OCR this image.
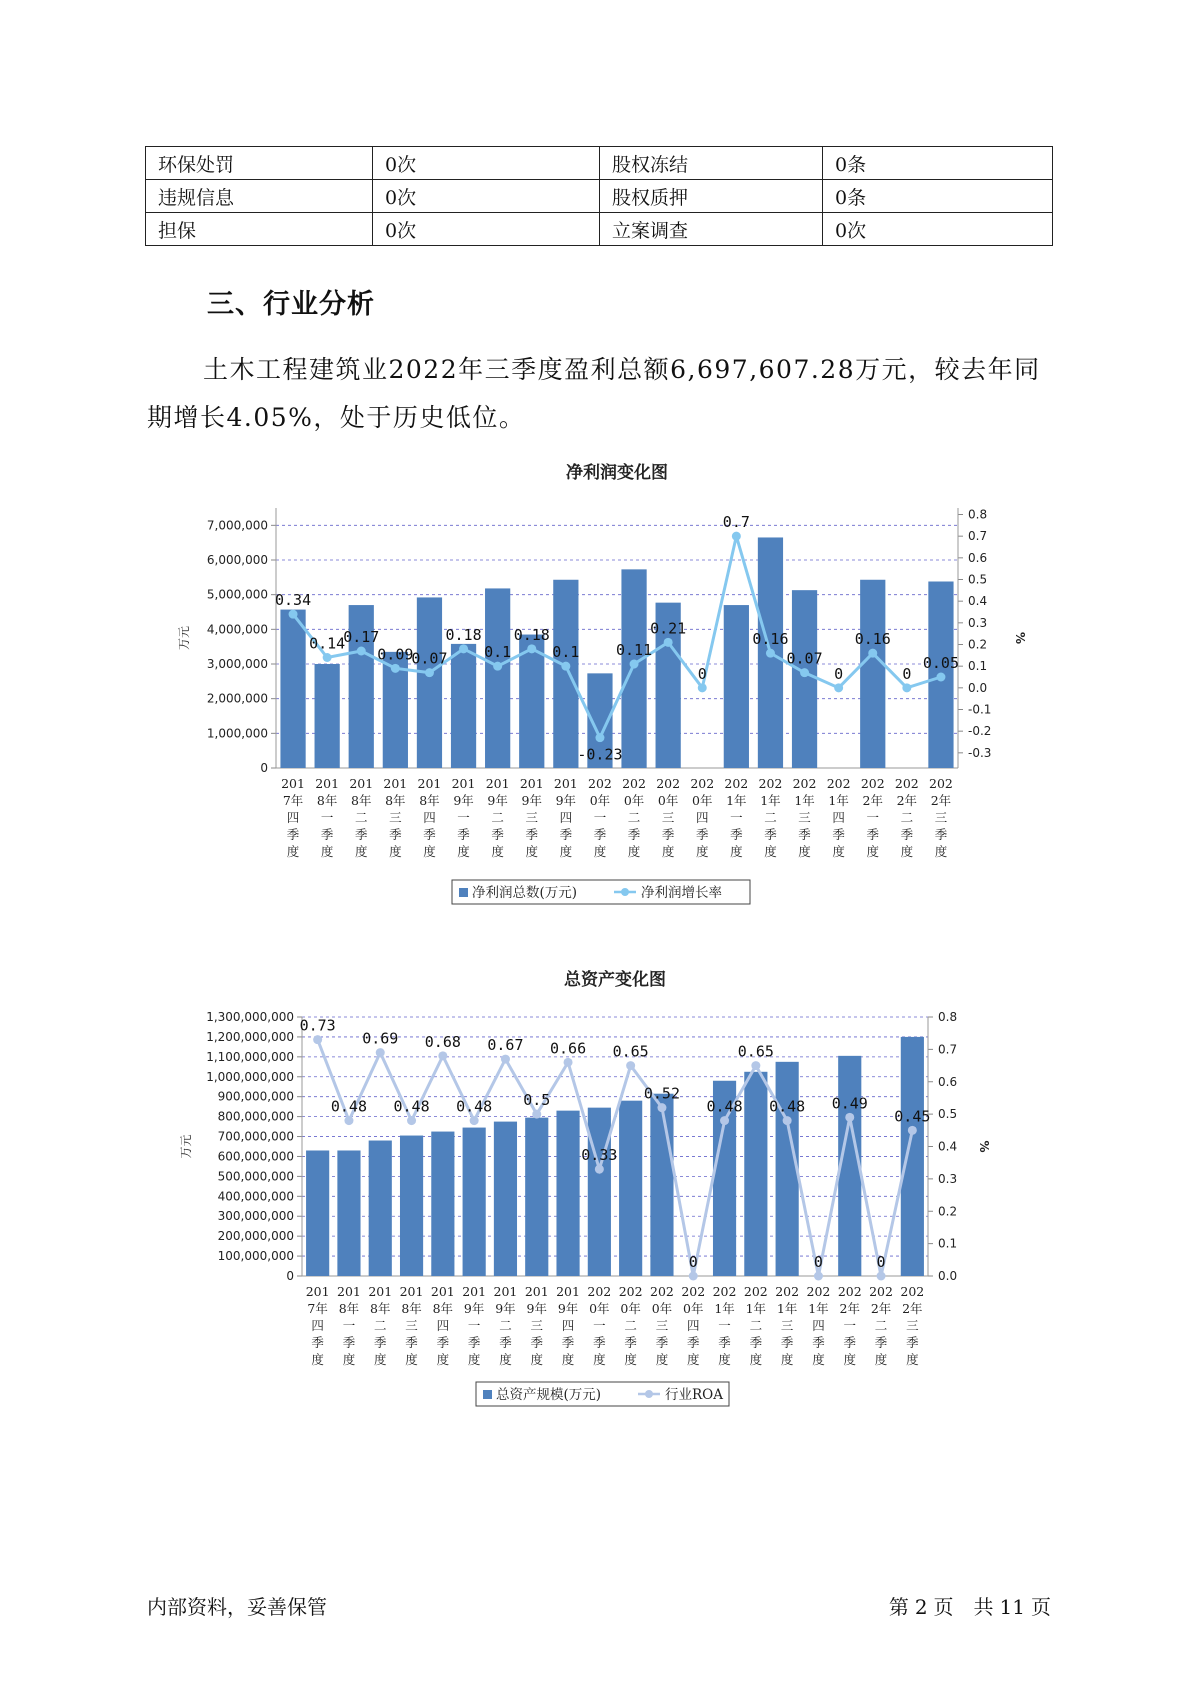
环保处罚	0次	股权冻结	0条
违规信息	0次	股权质押	0条
担保	0次	立案调查	0次
三、行业分析
土木工程建筑业2022年三季度盈利总额6,697,607.28万元，较去年同期增长4.05%，处于历史低位。
净利润变化图
0
1,000,000
2,000,000
3,000,000
4,000,000
5,000,000
6,000,000
7,000,000
-0.3
-0.2
-0.1
0.0
0.1
0.2
0.3
0.4
0.5
0.6
0.7
0.8
万元	%
0.34
0.14
0.17
0.09
0.07
0.18
0.1
0.18
0.1
-0.23
0.11
0.21
0
0.7
0.16
0.07
0
0.16
0
0.05
201 7年四季度
201 8年一季度
201 8年二季度
201 8年三季度
201 8年四季度
201 9年一季度
201 9年二季度
201 9年三季度
201 9年四季度
202 0年一季度
202 0年二季度
202 0年三季度
202 0年四季度
202 1年一季度
202 1年二季度
202 1年三季度
202 1年四季度
202 2年一季度
202 2年二季度
202 2年三季度
净利润总数(万元)	净利润增长率
总资产变化图
0
100,000,000
200,000,000
300,000,000
400,000,000
500,000,000
600,000,000
700,000,000
800,000,000
900,000,000
1,000,000,000
1,100,000,000
1,200,000,000
1,300,000,000
0.0
0.1
0.2
0.3
0.4
0.5
0.6
0.7
0.8
万元	%
0.73
0.48
0.69
0.48
0.68
0.48
0.67
0.5
0.66
0.33
0.65
0.52
0
0.48
0.65
0.48
0
0.49
0
0.45
201 7年四季度
201 8年一季度
201 8年二季度
201 8年三季度
201 8年四季度
201 9年一季度
201 9年二季度
201 9年三季度
201 9年四季度
202 0年一季度
202 0年二季度
202 0年三季度
202 0年四季度
202 1年一季度
202 1年二季度
202 1年三季度
202 1年四季度
202 2年一季度
202 2年二季度
202 2年三季度
总资产规模(万元)	行业ROA
内部资料，妥善保管	第 2 页　共 11 页
